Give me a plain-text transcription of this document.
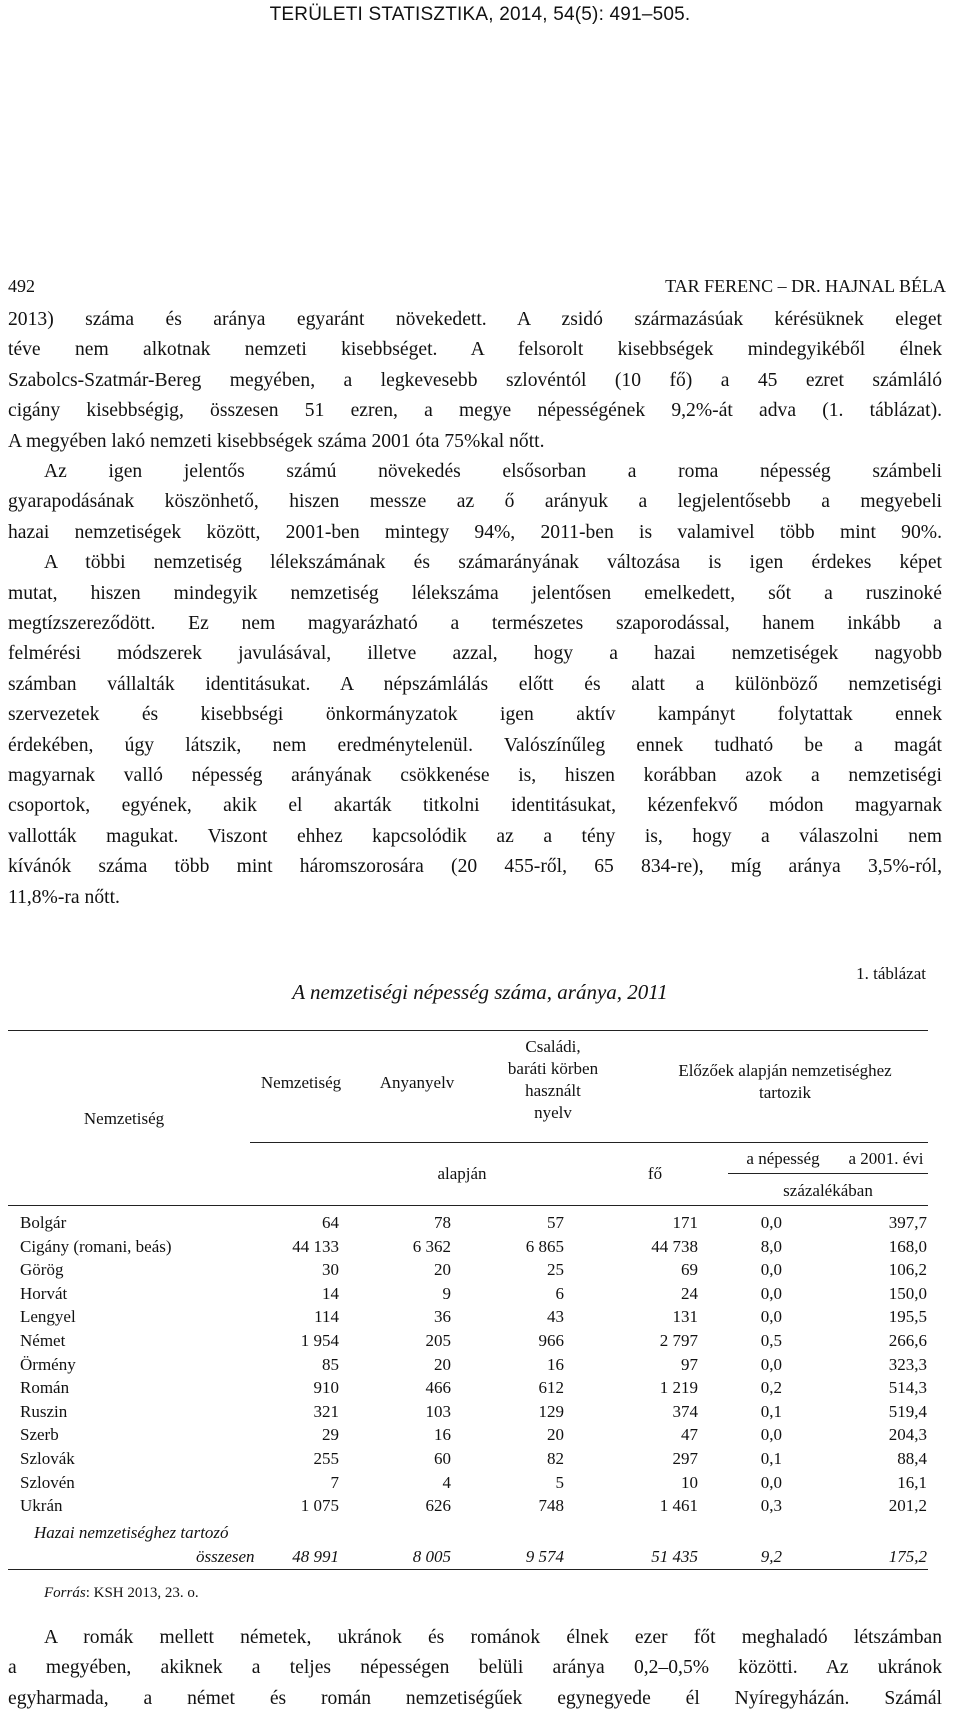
TERÜLETI STATISZTIKA, 2014, 54(5): 491–505.
492	TAR FERENC – DR. HAJNAL BÉLA
2013) száma és aránya egyaránt növekedett. A zsidó származásúak kérésüknek eleget
téve nem alkotnak nemzeti kisebbséget. A felsorolt kisebbségek mindegyikéből élnek
Szabolcs-Szatmár-Bereg megyében, a legkevesebb szlovéntól (10 fő) a 45 ezret számláló
cigány kisebbségig, összesen 51 ezren, a megye népességének 9,2%-át adva (1. táblázat).
A megyében lakó nemzeti kisebbségek száma 2001 óta 75%kal nőtt.
Az igen jelentős számú növekedés elsősorban a roma népesség számbeli
gyarapodásának köszönhető, hiszen messze az ő arányuk a legjelentősebb a megyebeli
hazai nemzetiségek között, 2001-ben mintegy 94%, 2011-ben is valamivel több mint 90%.
A többi nemzetiség lélekszámának és számarányának változása is igen érdekes képet
mutat, hiszen mindegyik nemzetiség lélekszáma jelentősen emelkedett, sőt a ruszinoké
megtízszereződött. Ez nem magyarázható a természetes szaporodással, hanem inkább a
felmérési módszerek javulásával, illetve azzal, hogy a hazai nemzetiségek nagyobb
számban vállalták identitásukat. A népszámlálás előtt és alatt a különböző nemzetiségi
szervezetek és kisebbségi önkormányzatok igen aktív kampányt folytattak ennek
érdekében, úgy látszik, nem eredménytelenül. Valószínűleg ennek tudható be a magát
magyarnak valló népesség arányának csökkenése is, hiszen korábban azok a nemzetiségi
csoportok, egyének, akik el akarták titkolni identitásukat, kézenfekvő módon magyarnak
vallották magukat. Viszont ehhez kapcsolódik az a tény is, hogy a válaszolni nem
kívánók száma több mint háromszorosára (20 455-ről, 65 834-re), míg aránya 3,5%-ról,
11,8%-ra nőtt.
1. táblázat
A nemzetiségi népesség száma, aránya, 2011
Nemzetiség
Nemzetiség	Anyanyelv
Családi,
baráti körben
használt
nyelv
Előzőek alapján nemzetiséghez
tartozik
alapján	fő
a népesség	a 2001. évi
százalékában
Bolgár	64	78	57	171	0,0	397,7
Cigány (romani, beás)	44 133	6 362	6 865	44 738	8,0	168,0
Görög	30	20	25	69	0,0	106,2
Horvát	14	9	6	24	0,0	150,0
Lengyel	114	36	43	131	0,0	195,5
Német	1 954	205	966	2 797	0,5	266,6
Örmény	85	20	16	97	0,0	323,3
Román	910	466	612	1 219	0,2	514,3
Ruszin	321	103	129	374	0,1	519,4
Szerb	29	16	20	47	0,0	204,3
Szlovák	255	60	82	297	0,1	88,4
Szlovén	7	4	5	10	0,0	16,1
Ukrán	1 075	626	748	1 461	0,3	201,2
Hazai nemzetiséghez tartozó
összesen	48 991	8 005	9 574	51 435	9,2	175,2
Forrás: KSH 2013, 23. o.
A romák mellett németek, ukránok és románok élnek ezer főt meghaladó létszámban
a megyében, akiknek a teljes népességen belüli aránya 0,2–0,5% közötti. Az ukránok
egyharmada, a német és román nemzetiségűek egynegyede él Nyíregyházán. Számál
